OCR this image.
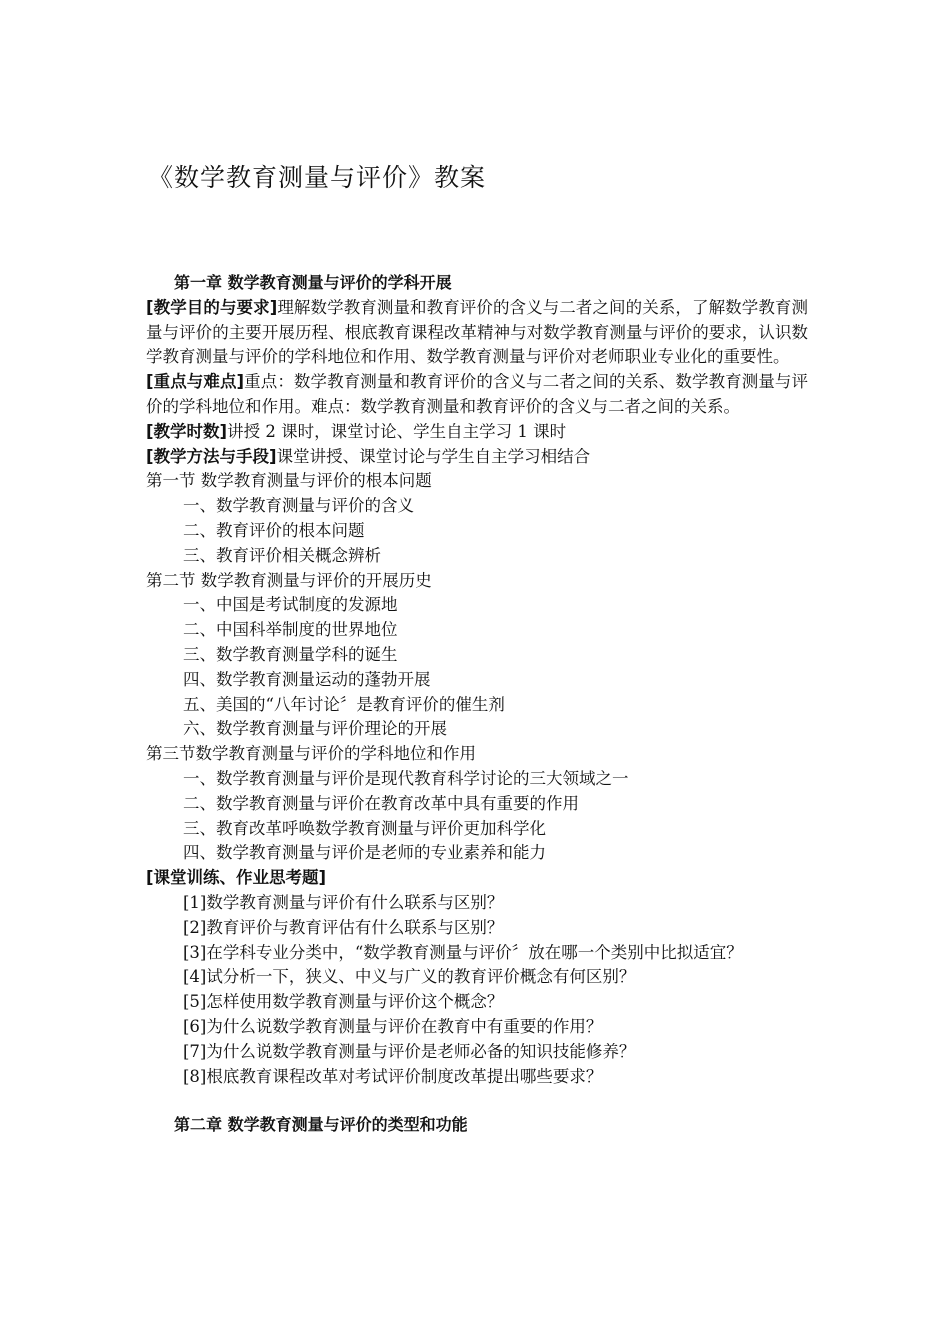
《数学教育测量与评价》教案
第一章 数学教育测量与评价的学科开展
[教学目的与要求]理解数学教育测量和教育评价的含义与二者之间的关系，了解数学教育测量与评价的主要开展历程、根底教育课程改革精神与对数学教育测量与评价的要求，认识数学教育测量与评价的学科地位和作用、数学教育测量与评价对老师职业专业化的重要性。
[重点与难点]重点：数学教育测量和教育评价的含义与二者之间的关系、数学教育测量与评价的学科地位和作用。难点：数学教育测量和教育评价的含义与二者之间的关系。
[教学时数]讲授 2 课时，课堂讨论、学生自主学习 1 课时
[教学方法与手段]课堂讲授、课堂讨论与学生自主学习相结合
第一节 数学教育测量与评价的根本问题
一、数学教育测量与评价的含义
二、教育评价的根本问题
三、教育评价相关概念辨析
第二节 数学教育测量与评价的开展历史
一、中国是考试制度的发源地
二、中国科举制度的世界地位
三、数学教育测量学科的诞生
四、数学教育测量运动的蓬勃开展
五、美国的“八年讨论〞是教育评价的催生剂
六、数学教育测量与评价理论的开展
第三节数学教育测量与评价的学科地位和作用
一、数学教育测量与评价是现代教育科学讨论的三大领域之一
二、数学教育测量与评价在教育改革中具有重要的作用
三、教育改革呼唤数学教育测量与评价更加科学化
四、数学教育测量与评价是老师的专业素养和能力
[课堂训练、作业思考题]
[1]数学教育测量与评价有什么联系与区别？
[2]教育评价与教育评估有什么联系与区别？
[3]在学科专业分类中，“数学教育测量与评价〞放在哪一个类别中比拟适宜？
[4]试分析一下，狭义、中义与广义的教育评价概念有何区别？
[5]怎样使用数学教育测量与评价这个概念？
[6]为什么说数学教育测量与评价在教育中有重要的作用？
[7]为什么说数学教育测量与评价是老师必备的知识技能修养？
[8]根底教育课程改革对考试评价制度改革提出哪些要求？
第二章 数学教育测量与评价的类型和功能
